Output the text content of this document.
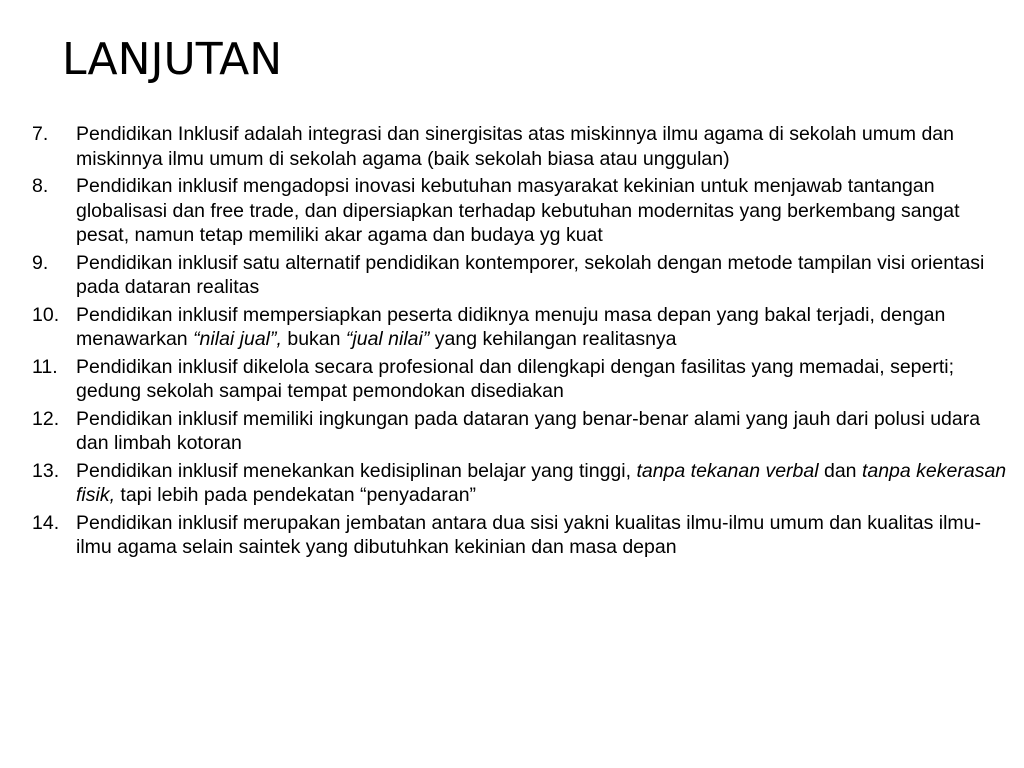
LANJUTAN
7. Pendidikan Inklusif adalah integrasi dan sinergisitas atas miskinnya ilmu agama di sekolah umum dan miskinnya ilmu umum di sekolah agama (baik sekolah biasa atau unggulan)
8. Pendidikan inklusif mengadopsi inovasi kebutuhan masyarakat kekinian untuk menjawab tantangan globalisasi dan free trade, dan dipersiapkan terhadap kebutuhan modernitas yang berkembang sangat pesat, namun tetap memiliki akar agama dan budaya yg kuat
9. Pendidikan inklusif satu alternatif pendidikan kontemporer, sekolah dengan metode tampilan visi orientasi pada dataran realitas
10. Pendidikan inklusif mempersiapkan peserta didiknya menuju masa depan yang bakal terjadi, dengan menawarkan “nilai jual”, bukan “jual nilai” yang kehilangan realitasnya
11. Pendidikan inklusif dikelola secara profesional dan dilengkapi dengan fasilitas yang memadai, seperti; gedung sekolah sampai tempat pemondokan disediakan
12. Pendidikan inklusif memiliki ingkungan pada dataran yang benar-benar alami yang jauh dari polusi udara dan limbah kotoran
13. Pendidikan inklusif menekankan kedisiplinan belajar yang tinggi, tanpa tekanan verbal dan tanpa kekerasan fisik, tapi lebih pada pendekatan “penyadaran”
14. Pendidikan inklusif merupakan jembatan antara dua sisi yakni kualitas ilmu-ilmu umum dan kualitas ilmu-ilmu agama selain saintek yang dibutuhkan kekinian dan masa depan
